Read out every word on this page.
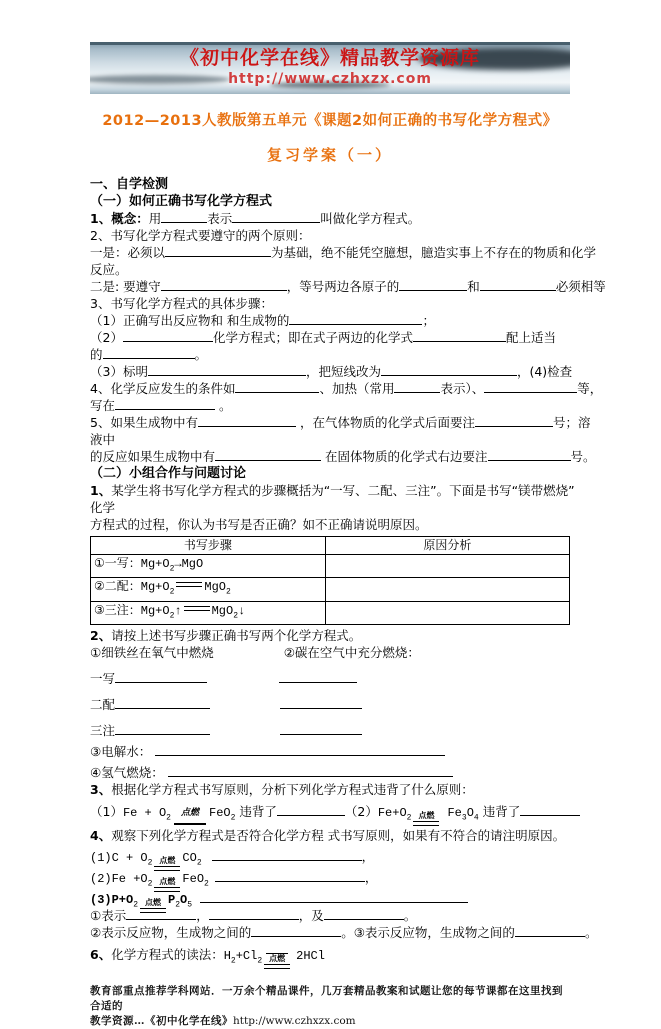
《初中化学在线》精品教学资源库
http://www.czhxzx.com
2012—2013人教版第五单元《课题2如何正确的书写化学方程式》
复习学案（一）
一、自学检测
（一）如何正确书写化学方程式
1、概念：用	表示	叫做化学方程式。
2、书写化学方程式要遵守的两个原则：
一是：必须以	为基础，绝不能凭空臆想，臆造实事上不存在的物质和化学
反应。
二是: 要遵守	，等号两边各原子的	和	必须相等
3、书写化学方程式的具体步骤：
（1）正确写出反应物和 和生成物的	；
（2）	化学方程式；即在式子两边的化学式	配上适当
的	。
（3）标明	，把短线改为	，(4)检查
4、化学反应发生的条件如	、加热（常用	表示）、	等，
写在	。
5、如果生成物中有	，在气体物质的化学式后面要注	号；溶
液中
的反应如果生成物中有	在固体物质的化学式右边要注	号。
（二）小组合作与问题讨论
1、某学生将书写化学方程式的步骤概括为“一写、二配、三注”。下面是书写“镁带燃烧”
化学
方程式的过程，你认为书写是否正确？如不正确请说明原因。
书写步骤	原因分析
①一写：$Mg+O_2\to MgO$	
②二配：$Mg+O_2$ MgO$_2$	
③三注：$Mg+O_2↑$ MgO$_2$↓	
2、请按上述书写步骤正确书写两个化学方程式。
①细铁丝在氧气中燃烧	②碳在空气中充分燃烧：
一写
二配
三注
③电解水：
④氢气燃烧：
3、根据化学方程式书写原则，分析下列化学方程式违背了什么原则：
$(1)Fe + O_2$ 点燃 FeO$_2$ 违背了	$(2)Fe+O_2$ 点燃 $Fe_3O_4$ 违背了
4、观察下列化学方程式是否符合化学方程 式书写原则，如果有不符合的请注明原因。
$(1)C + O_2$ 点燃 $CO_2$	，
$(2)Fe +O_2$ 点燃 FeO$_2$	，
$(3)P+O_2$ 点燃 $P_2O_5$
①表示	，	，及	。
②表示反应物，生成物之间的	。③表示反应物，生成物之间的	。
6、化学方程式的读法：$H_2+Cl_2$ 点燃 2HCl
教育部重点推荐学科网站．一万余个精品课件，几万套精品教案和试题让您的每节课都在这里找到合适的
教学资源…《初中化学在线》http://www.czhxzx.com
